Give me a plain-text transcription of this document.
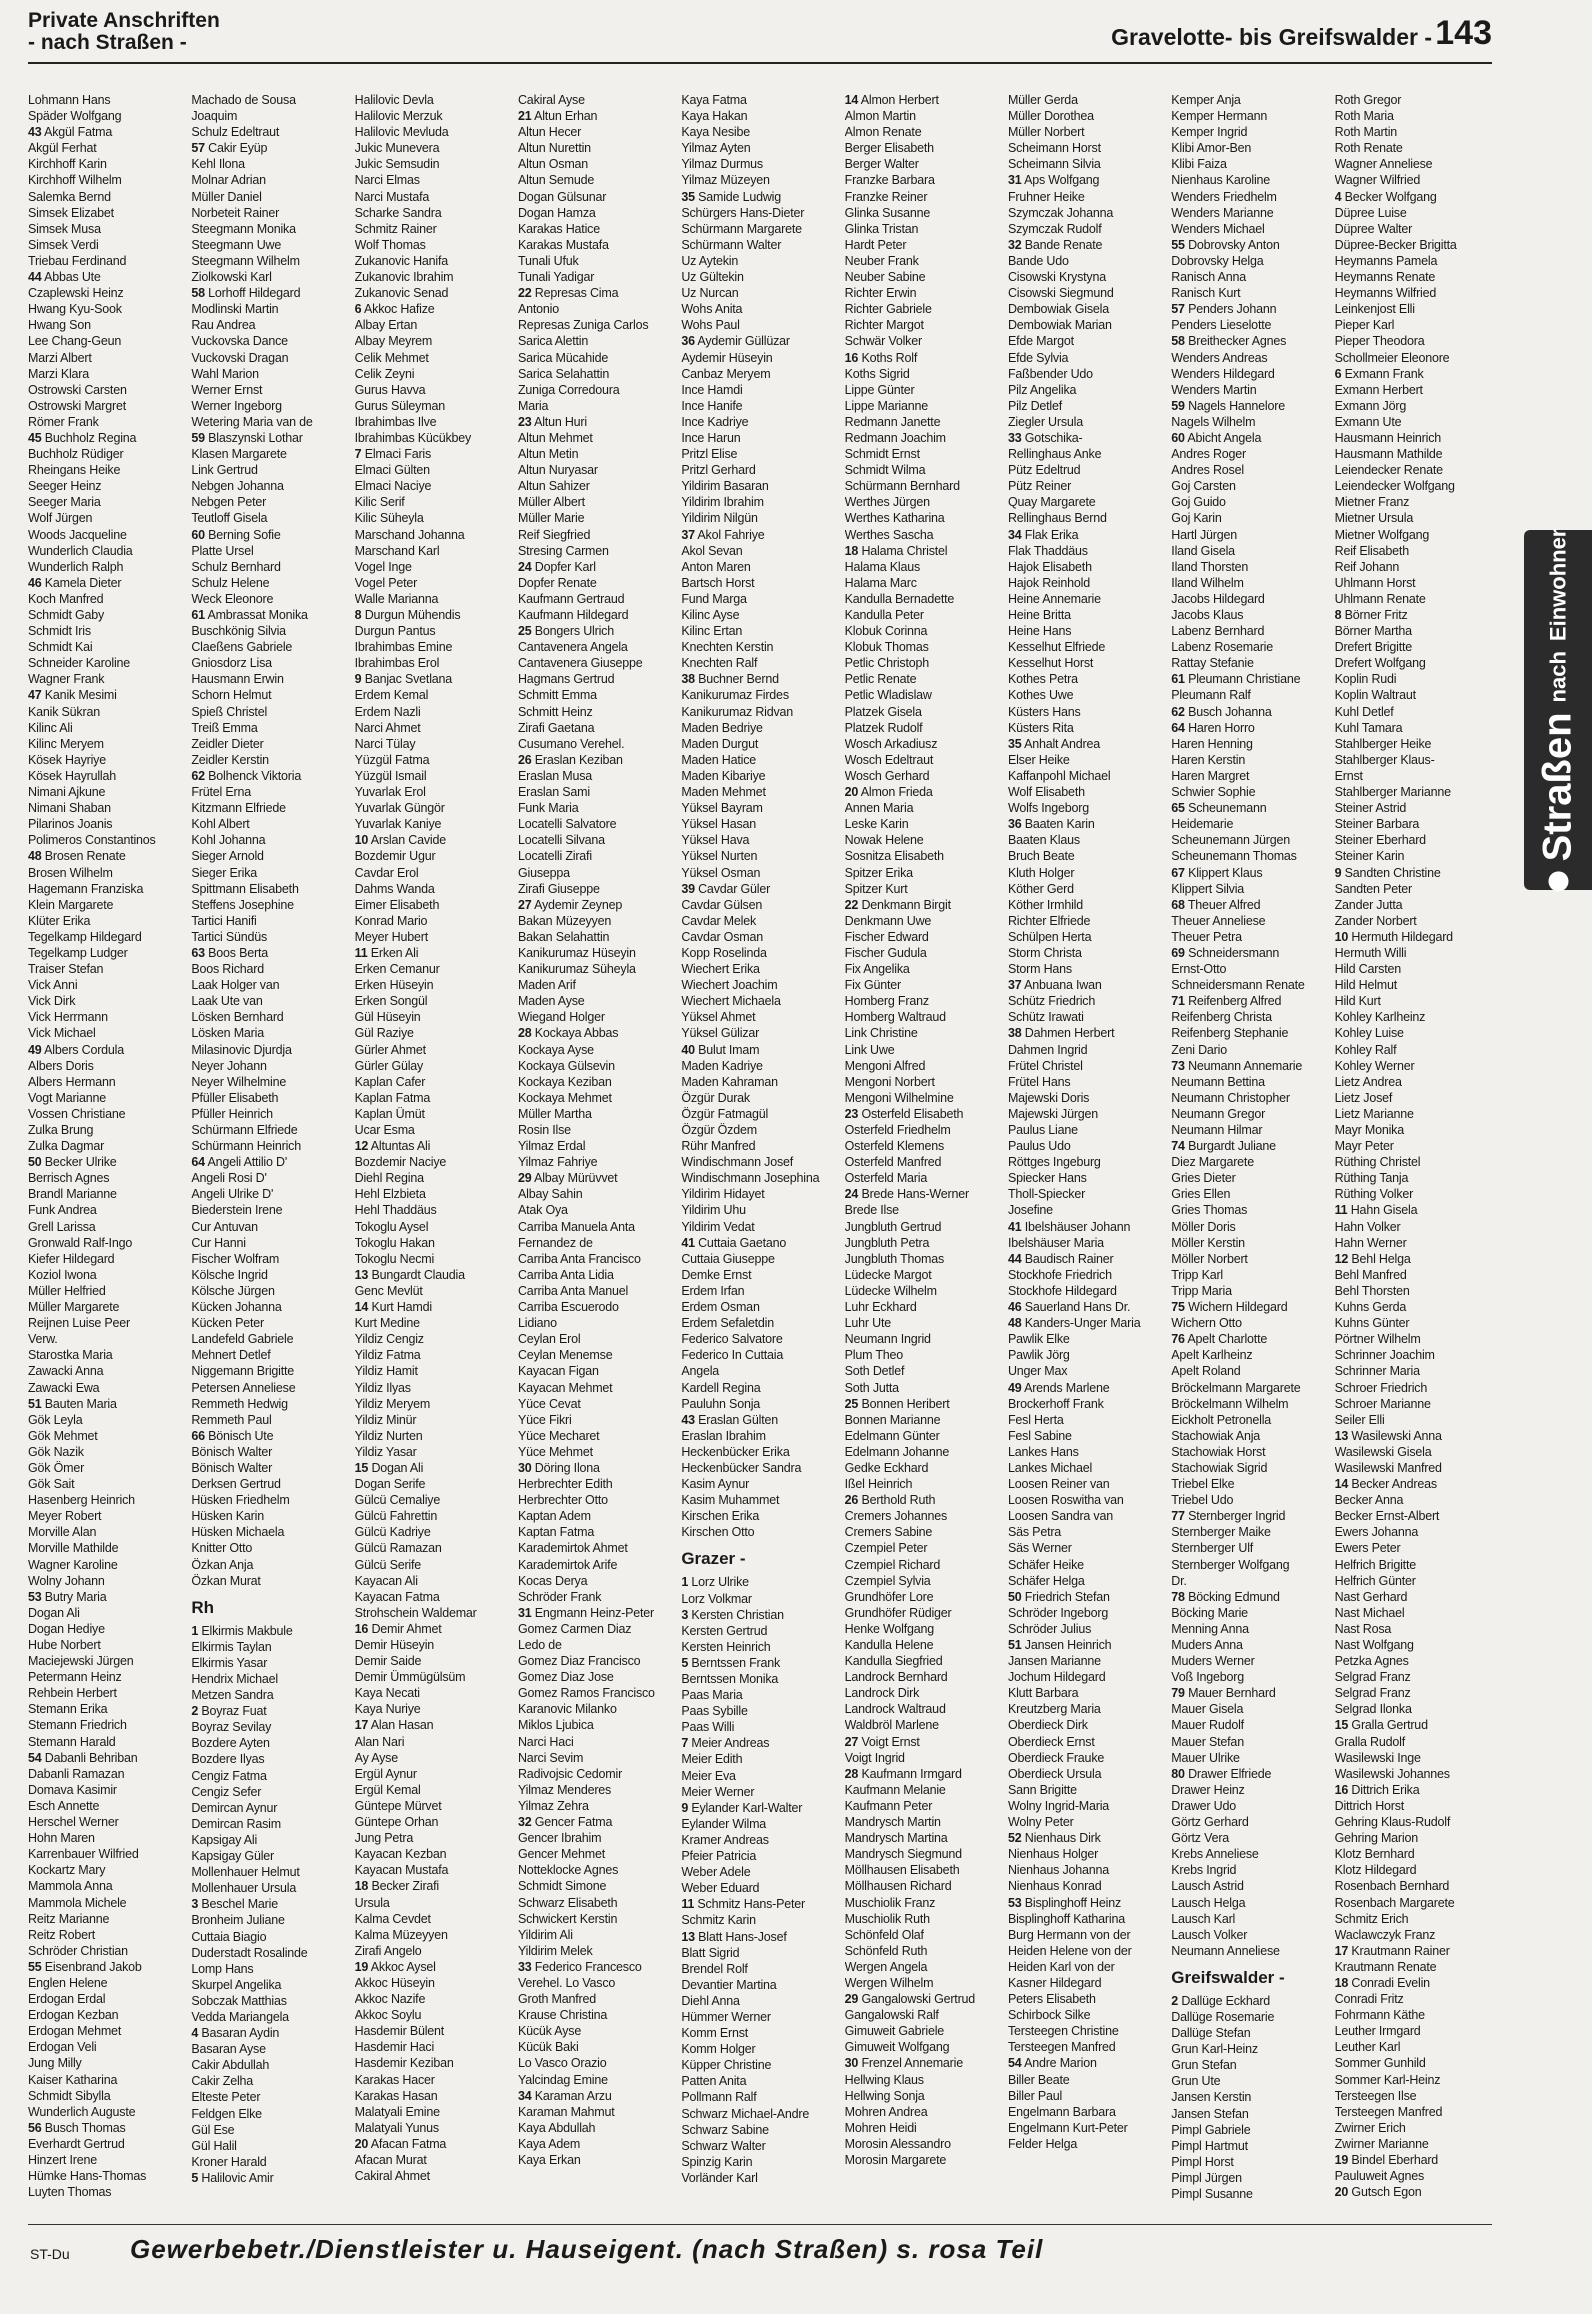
Private Anschriften
- nach Straßen -	Gravelotte- bis Greifswalder - 143
Lohmann Hans
Späder Wolfgang
43 Akgül Fatma
Akgül Ferhat
Kirchhoff Karin
Kirchhoff Wilhelm
Salemka Bernd
Simsek Elizabet
Simsek Musa
Simsek Verdi
Triebau Ferdinand
44 Abbas Ute
Czaplewski Heinz
Hwang Kyu-Sook
Hwang Son
Lee Chang-Geun
Marzi Albert
Marzi Klara
Ostrowski Carsten
Ostrowski Margret
Römer Frank
45 Buchholz Regina
Buchholz Rüdiger
Rheingans Heike
Seeger Heinz
Seeger Maria
Wolf Jürgen
Woods Jacqueline
Wunderlich Claudia
Wunderlich Ralph
46 Kamela Dieter
Koch Manfred
Schmidt Gaby
Schmidt Iris
Schmidt Kai
Schneider Karoline
Wagner Frank
47 Kanik Mesimi
Kanik Sükran
Kilinc Ali
Kilinc Meryem
Kösek Hayriye
Kösek Hayrullah
Nimani Ajkune
Nimani Shaban
Pilarinos Joanis
Polimeros Constantinos
48 Brosen Renate
Brosen Wilhelm
Hagemann Franziska
Klein Margarete
Klüter Erika
Tegelkamp Hildegard
Tegelkamp Ludger
Traiser Stefan
Vick Anni
Vick Dirk
Vick Herrmann
Vick Michael
49 Albers Cordula
Albers Doris
Albers Hermann
Vogt Marianne
Vossen Christiane
Zulka Brung
Zulka Dagmar
50 Becker Ulrike
Berrisch Agnes
Brandl Marianne
Funk Andrea
Grell Larissa
Gronwald Ralf-Ingo
Kiefer Hildegard
Koziol Iwona
Müller Helfried
Müller Margarete
Reijnen Luise Peer
Verw.
Starostka Maria
Zawacki Anna
Zawacki Ewa
51 Bauten Maria
Gök Leyla
Gök Mehmet
Gök Nazik
Gök Ömer
Gök Sait
Hasenberg Heinrich
Meyer Robert
Morville Alan
Morville Mathilde
Wagner Karoline
Wolny Johann
53 Butry Maria
Dogan Ali
Dogan Hediye
Hube Norbert
Maciejewski Jürgen
Petermann Heinz
Rehbein Herbert
Stemann Erika
Stemann Friedrich
Stemann Harald
54 Dabanli Behriban
Dabanli Ramazan
Domava Kasimir
Esch Annette
Herschel Werner
Hohn Maren
Karrenbauer Wilfried
Kockartz Mary
Mammola Anna
Mammola Michele
Reitz Marianne
Reitz Robert
Schröder Christian
55 Eisenbrand Jakob
Englen Helene
Erdogan Erdal
Erdogan Kezban
Erdogan Mehmet
Erdogan Veli
Jung Milly
Kaiser Katharina
Schmidt Sibylla
Wunderlich Auguste
56 Busch Thomas
Everhardt Gertrud
Hinzert Irene
Hümke Hans-Thomas
Luyten Thomas
Machado de Sousa
Joaquim
Schulz Edeltraut
57 Cakir Eyüp
Kehl Ilona
Molnar Adrian
Müller Daniel
Norbeteit Rainer
Steegmann Monika
Steegmann Uwe
Steegmann Wilhelm
Ziolkowski Karl
58 Lorhoff Hildegard
Modlinski Martin
Rau Andrea
Vuckovska Dance
Vuckovski Dragan
Wahl Marion
Werner Ernst
Werner Ingeborg
Wetering Maria van de
59 Blaszynski Lothar
Klasen Margarete
Link Gertrud
Nebgen Johanna
Nebgen Peter
Teutloff Gisela
60 Berning Sofie
Platte Ursel
Schulz Bernhard
Schulz Helene
Weck Eleonore
61 Ambrassat Monika
Buschkönig Silvia
Claeßens Gabriele
Gniosdorz Lisa
Hausmann Erwin
Schorn Helmut
Spieß Christel
Treiß Emma
Zeidler Dieter
Zeidler Kerstin
62 Bolhenck Viktoria
Frütel Erna
Kitzmann Elfriede
Kohl Albert
Kohl Johanna
Sieger Arnold
Sieger Erika
Spittmann Elisabeth
Steffens Josephine
Tartici Hanifi
Tartici Sündüs
63 Boos Berta
Boos Richard
Laak Holger van
Laak Ute van
Lösken Bernhard
Lösken Maria
Milasinovic Djurdja
Neyer Johann
Neyer Wilhelmine
Pfüller Elisabeth
Pfüller Heinrich
Schürmann Elfriede
Schürmann Heinrich
64 Angeli Attilio D'
Angeli Rosi D'
Angeli Ulrike D'
Biederstein Irene
Cur Antuvan
Cur Hanni
Fischer Wolfram
Kölsche Ingrid
Kölsche Jürgen
Kücken Johanna
Kücken Peter
Landefeld Gabriele
Mehnert Detlef
Niggemann Brigitte
Petersen Anneliese
Remmeth Hedwig
Remmeth Paul
66 Bönisch Ute
Bönisch Walter
Bönisch Walter
Derksen Gertrud
Hüsken Friedhelm
Hüsken Karin
Hüsken Michaela
Knitter Otto
Özkan Anja
Özkan Murat
Rh
1 Elkirmis Makbule
Elkirmis Taylan
Elkirmis Yasar
Hendrix Michael
Metzen Sandra
2 Boyraz Fuat
Boyraz Sevilay
Bozdere Ayten
Bozdere Ilyas
Cengiz Fatma
Cengiz Sefer
Demircan Aynur
Demircan Rasim
Kapsigay Ali
Kapsigay Güler
Mollenhauer Helmut
Mollenhauer Ursula
3 Beschel Marie
Bronheim Juliane
Cuttaia Biagio
Duderstadt Rosalinde
Lomp Hans
Skurpel Angelika
Sobczak Matthias
Vedda Mariangela
4 Basaran Aydin
Basaran Ayse
Cakir Abdullah
Cakir Zelha
Elteste Peter
Feldgen Elke
Gül Ese
Gül Halil
Kroner Harald
5 Halilovic Amir
Halilovic Devla
Halilovic Merzuk
Halilovic Mevluda
Jukic Munevera
Jukic Semsudin
Narci Elmas
Narci Mustafa
Scharke Sandra
Schmitz Rainer
Wolf Thomas
Zukanovic Hanifa
Zukanovic Ibrahim
Zukanovic Senad
6 Akkoc Hafize
Albay Ertan
Albay Meyrem
Celik Mehmet
Celik Zeyni
Gurus Havva
Gurus Süleyman
Ibrahimbas Ilve
Ibrahimbas Kücükbey
7 Elmaci Faris
Elmaci Gülten
Elmaci Naciye
Kilic Serif
Kilic Süheyla
Marschand Johanna
Marschand Karl
Vogel Inge
Vogel Peter
Walle Marianna
8 Durgun Mühendis
Durgun Pantus
Ibrahimbas Emine
Ibrahimbas Erol
9 Banjac Svetlana
Erdem Kemal
Erdem Nazli
Narci Ahmet
Narci Tülay
Yüzgül Fatma
Yüzgül Ismail
Yuvarlak Erol
Yuvarlak Güngör
Yuvarlak Kaniye
10 Arslan Cavide
Bozdemir Ugur
Cavdar Erol
Dahms Wanda
Eimer Elisabeth
Konrad Mario
Meyer Hubert
11 Erken Ali
Erken Cemanur
Erken Hüseyin
Erken Songül
Gül Hüseyin
Gül Raziye
Gürler Ahmet
Gürler Gülay
Kaplan Cafer
Kaplan Fatma
Kaplan Ümüt
Ucar Esma
12 Altuntas Ali
Bozdemir Naciye
Diehl Regina
Hehl Elzbieta
Hehl Thaddäus
Tokoglu Aysel
Tokoglu Hakan
Tokoglu Necmi
13 Bungardt Claudia
Genc Mevlüt
14 Kurt Hamdi
Kurt Medine
Yildiz Cengiz
Yildiz Fatma
Yildiz Hamit
Yildiz Ilyas
Yildiz Meryem
Yildiz Minür
Yildiz Nurten
Yildiz Yasar
15 Dogan Ali
Dogan Serife
Gülcü Cemaliye
Gülcü Fahrettin
Gülcü Kadriye
Gülcü Ramazan
Gülcü Serife
Kayacan Ali
Kayacan Fatma
Strohschein Waldemar
16 Demir Ahmet
Demir Hüseyin
Demir Saide
Demir Ümmügülsüm
Kaya Necati
Kaya Nuriye
17 Alan Hasan
Alan Nari
Ay Ayse
Ergül Aynur
Ergül Kemal
Güntepe Mürvet
Güntepe Orhan
Jung Petra
Kayacan Kezban
Kayacan Mustafa
18 Becker Zirafi
Ursula
Kalma Cevdet
Kalma Müzeyyen
Zirafi Angelo
19 Akkoc Aysel
Akkoc Hüseyin
Akkoc Nazife
Akkoc Soylu
Hasdemir Bülent
Hasdemir Haci
Hasdemir Keziban
Karakas Hacer
Karakas Hasan
Malatyali Emine
Malatyali Yunus
20 Afacan Fatma
Afacan Murat
Cakiral Ahmet
Cakiral Ayse
21 Altun Erhan
Altun Hecer
Altun Nurettin
Altun Osman
Altun Semude
Dogan Gülsunar
Dogan Hamza
Karakas Hatice
Karakas Mustafa
Tunali Ufuk
Tunali Yadigar
22 Represas Cima
Antonio
Represas Zuniga Carlos
Sarica Alettin
Sarica Mücahide
Sarica Selahattin
Zuniga Corredoura
Maria
23 Altun Huri
Altun Mehmet
Altun Metin
Altun Nuryasar
Altun Sahizer
Müller Albert
Müller Marie
Reif Siegfried
Stresing Carmen
24 Dopfer Karl
Dopfer Renate
Kaufmann Gertraud
Kaufmann Hildegard
25 Bongers Ulrich
Cantavenera Angela
Cantavenera Giuseppe
Hagmans Gertrud
Schmitt Emma
Schmitt Heinz
Zirafi Gaetana
Cusumano Verehel.
26 Eraslan Keziban
Eraslan Musa
Eraslan Sami
Funk Maria
Locatelli Salvatore
Locatelli Silvana
Locatelli Zirafi
Giuseppa
Zirafi Giuseppe
27 Aydemir Zeynep
Bakan Müzeyyen
Bakan Selahattin
Kanikurumaz Hüseyin
Kanikurumaz Süheyla
Maden Arif
Maden Ayse
Wiegand Holger
28 Kockaya Abbas
Kockaya Ayse
Kockaya Gülsevin
Kockaya Keziban
Kockaya Mehmet
Müller Martha
Rosin Ilse
Yilmaz Erdal
Yilmaz Fahriye
29 Albay Mürüvvet
Albay Sahin
Atak Oya
Carriba Manuela Anta
Fernandez de
Carriba Anta Francisco
Carriba Anta Lidia
Carriba Anta Manuel
Carriba Escuerodo
Lidiano
Ceylan Erol
Ceylan Menemse
Kayacan Figan
Kayacan Mehmet
Yüce Cevat
Yüce Fikri
Yüce Mecharet
Yüce Mehmet
30 Döring Ilona
Herbrechter Edith
Herbrechter Otto
Kaptan Adem
Kaptan Fatma
Karademirtok Ahmet
Karademirtok Arife
Kocas Derya
Schröder Frank
31 Engmann Heinz-Peter
Gomez Carmen Diaz
Ledo de
Gomez Diaz Francisco
Gomez Diaz Jose
Gomez Ramos Francisco
Karanovic Milanko
Miklos Ljubica
Narci Haci
Narci Sevim
Radivojsic Cedomir
Yilmaz Menderes
Yilmaz Zehra
32 Gencer Fatma
Gencer Ibrahim
Gencer Mehmet
Notteklocke Agnes
Schmidt Simone
Schwarz Elisabeth
Schwickert Kerstin
Yildirim Ali
Yildirim Melek
33 Federico Francesco
Verehel. Lo Vasco
Groth Manfred
Krause Christina
Kücük Ayse
Kücük Baki
Lo Vasco Orazio
Yalcindag Emine
34 Karaman Arzu
Karaman Mahmut
Kaya Abdullah
Kaya Adem
Kaya Erkan
Kaya Fatma
Kaya Hakan
Kaya Nesibe
Yilmaz Ayten
Yilmaz Durmus
Yilmaz Müzeyen
35 Samide Ludwig
Schürgers Hans-Dieter
Schürmann Margarete
Schürmann Walter
Uz Aytekin
Uz Gültekin
Uz Nurcan
Wohs Anita
Wohs Paul
36 Aydemir Güllüzar
Aydemir Hüseyin
Canbaz Meryem
Ince Hamdi
Ince Hanife
Ince Kadriye
Ince Harun
Pritzl Elise
Pritzl Gerhard
Yildirim Basaran
Yildirim Ibrahim
Yildirim Nilgün
37 Akol Fahriye
Akol Sevan
Anton Maren
Bartsch Horst
Fund Marga
Kilinc Ayse
Kilinc Ertan
Knechten Kerstin
Knechten Ralf
38 Buchner Bernd
Kanikurumaz Firdes
Kanikurumaz Ridvan
Maden Bedriye
Maden Durgut
Maden Hatice
Maden Kibariye
Maden Mehmet
Yüksel Bayram
Yüksel Hasan
Yüksel Hava
Yüksel Nurten
Yüksel Osman
39 Cavdar Güler
Cavdar Gülsen
Cavdar Melek
Cavdar Osman
Kopp Roselinda
Wiechert Erika
Wiechert Joachim
Wiechert Michaela
Yüksel Ahmet
Yüksel Gülizar
40 Bulut Imam
Maden Kadriye
Maden Kahraman
Özgür Durak
Özgür Fatmagül
Özgür Özdem
Rühr Manfred
Windischmann Josef
Windischmann Josephina
Yildirim Hidayet
Yildirim Uhu
Yildirim Vedat
41 Cuttaia Gaetano
Cuttaia Giuseppe
Demke Ernst
Erdem Irfan
Erdem Osman
Erdem Sefaletdin
Federico Salvatore
Federico In Cuttaia
Angela
Kardell Regina
Pauluhn Sonja
43 Eraslan Gülten
Eraslan Ibrahim
Heckenbücker Erika
Heckenbücker Sandra
Kasim Aynur
Kasim Muhammet
Kirschen Erika
Kirschen Otto
Grazer -
1 Lorz Ulrike
Lorz Volkmar
3 Kersten Christian
Kersten Gertrud
Kersten Heinrich
5 Berntssen Frank
Berntssen Monika
Paas Maria
Paas Sybille
Paas Willi
7 Meier Andreas
Meier Edith
Meier Eva
Meier Werner
9 Eylander Karl-Walter
Eylander Wilma
Kramer Andreas
Pfeier Patricia
Weber Adele
Weber Eduard
11 Schmitz Hans-Peter
Schmitz Karin
13 Blatt Hans-Josef
Blatt Sigrid
Brendel Rolf
Devantier Martina
Diehl Anna
Hümmer Werner
Komm Ernst
Komm Holger
Küpper Christine
Patten Anita
Pollmann Ralf
Schwarz Michael-Andre
Schwarz Sabine
Schwarz Walter
Spinzig Karin
Vorländer Karl
14 Almon Herbert
Almon Martin
Almon Renate
Berger Elisabeth
Berger Walter
Franzke Barbara
Franzke Reiner
Glinka Susanne
Glinka Tristan
Hardt Peter
Neuber Frank
Neuber Sabine
Richter Erwin
Richter Gabriele
Richter Margot
Schwär Volker
16 Koths Rolf
Koths Sigrid
Lippe Günter
Lippe Marianne
Redmann Janette
Redmann Joachim
Schmidt Ernst
Schmidt Wilma
Schürmann Bernhard
Werthes Jürgen
Werthes Katharina
Werthes Sascha
18 Halama Christel
Halama Klaus
Halama Marc
Kandulla Bernadette
Kandulla Peter
Klobuk Corinna
Klobuk Thomas
Petlic Christoph
Petlic Renate
Petlic Wladislaw
Platzek Gisela
Platzek Rudolf
Wosch Arkadiusz
Wosch Edeltraut
Wosch Gerhard
20 Almon Frieda
Annen Maria
Leske Karin
Nowak Helene
Sosnitza Elisabeth
Spitzer Erika
Spitzer Kurt
22 Denkmann Birgit
Denkmann Uwe
Fischer Edward
Fischer Gudula
Fix Angelika
Fix Günter
Homberg Franz
Homberg Waltraud
Link Christine
Link Uwe
Mengoni Alfred
Mengoni Norbert
Mengoni Wilhelmine
23 Osterfeld Elisabeth
Osterfeld Friedhelm
Osterfeld Klemens
Osterfeld Manfred
Osterfeld Maria
24 Brede Hans-Werner
Brede Ilse
Jungbluth Gertrud
Jungbluth Petra
Jungbluth Thomas
Lüdecke Margot
Lüdecke Wilhelm
Luhr Eckhard
Luhr Ute
Neumann Ingrid
Plum Theo
Soth Detlef
Soth Jutta
25 Bonnen Heribert
Bonnen Marianne
Edelmann Günter
Edelmann Johanne
Gedke Eckhard
Ißel Heinrich
26 Berthold Ruth
Cremers Johannes
Cremers Sabine
Czempiel Peter
Czempiel Richard
Czempiel Sylvia
Grundhöfer Lore
Grundhöfer Rüdiger
Henke Wolfgang
Kandulla Helene
Kandulla Siegfried
Landrock Bernhard
Landrock Dirk
Landrock Waltraud
Waldbröl Marlene
27 Voigt Ernst
Voigt Ingrid
28 Kaufmann Irmgard
Kaufmann Melanie
Kaufmann Peter
Mandrysch Martin
Mandrysch Martina
Mandrysch Siegmund
Möllhausen Elisabeth
Möllhausen Richard
Muschiolik Franz
Muschiolik Ruth
Schönfeld Olaf
Schönfeld Ruth
Wergen Angela
Wergen Wilhelm
29 Gangalowski Gertrud
Gangalowski Ralf
Gimuweit Gabriele
Gimuweit Wolfgang
30 Frenzel Annemarie
Hellwing Klaus
Hellwing Sonja
Mohren Andrea
Mohren Heidi
Morosin Alessandro
Morosin Margarete
Müller Gerda
Müller Dorothea
Müller Norbert
Scheimann Horst
Scheimann Silvia
31 Aps Wolfgang
Fruhner Heike
Szymczak Johanna
Szymczak Rudolf
32 Bande Renate
Bande Udo
Cisowski Krystyna
Cisowski Siegmund
Dembowiak Gisela
Dembowiak Marian
Efde Margot
Efde Sylvia
Faßbender Udo
Pilz Angelika
Pilz Detlef
Ziegler Ursula
33 Gotschika-
Rellinghaus Anke
Pütz Edeltrud
Pütz Reiner
Quay Margarete
Rellinghaus Bernd
34 Flak Erika
Flak Thaddäus
Hajok Elisabeth
Hajok Reinhold
Heine Annemarie
Heine Britta
Heine Hans
Kesselhut Elfriede
Kesselhut Horst
Kothes Petra
Kothes Uwe
Küsters Hans
Küsters Rita
35 Anhalt Andrea
Elser Heike
Kaffanpohl Michael
Wolf Elisabeth
Wolfs Ingeborg
36 Baaten Karin
Baaten Klaus
Bruch Beate
Kluth Holger
Köther Gerd
Köther Irmhild
Richter Elfriede
Schülpen Herta
Storm Christa
Storm Hans
37 Anbuana Iwan
Schütz Friedrich
Schütz Irawati
38 Dahmen Herbert
Dahmen Ingrid
Frütel Christel
Frütel Hans
Majewski Doris
Majewski Jürgen
Paulus Liane
Paulus Udo
Röttges Ingeburg
Spiecker Hans
Tholl-Spiecker
Josefine
41 Ibelshäuser Johann
Ibelshäuser Maria
44 Baudisch Rainer
Stockhofe Friedrich
Stockhofe Hildegard
46 Sauerland Hans Dr.
48 Kanders-Unger Maria
Pawlik Elke
Pawlik Jörg
Unger Max
49 Arends Marlene
Brockerhoff Frank
Fesl Herta
Fesl Sabine
Lankes Hans
Lankes Michael
Loosen Reiner van
Loosen Roswitha van
Loosen Sandra van
Säs Petra
Säs Werner
Schäfer Heike
Schäfer Helga
50 Friedrich Stefan
Schröder Ingeborg
Schröder Julius
51 Jansen Heinrich
Jansen Marianne
Jochum Hildegard
Klutt Barbara
Kreutzberg Maria
Oberdieck Dirk
Oberdieck Ernst
Oberdieck Frauke
Oberdieck Ursula
Sann Brigitte
Wolny Ingrid-Maria
Wolny Peter
52 Nienhaus Dirk
Nienhaus Holger
Nienhaus Johanna
Nienhaus Konrad
53 Bisplinghoff Heinz
Bisplinghoff Katharina
Burg Hermann von der
Heiden Helene von der
Heiden Karl von der
Kasner Hildegard
Peters Elisabeth
Schirbock Silke
Tersteegen Christine
Tersteegen Manfred
54 Andre Marion
Biller Beate
Biller Paul
Engelmann Barbara
Engelmann Kurt-Peter
Felder Helga
Kemper Anja
Kemper Hermann
Kemper Ingrid
Klibi Amor-Ben
Klibi Faiza
Nienhaus Karoline
Wenders Friedhelm
Wenders Marianne
Wenders Michael
55 Dobrovsky Anton
Dobrovsky Helga
Ranisch Anna
Ranisch Kurt
57 Penders Johann
Penders Lieselotte
58 Breithecker Agnes
Wenders Andreas
Wenders Hildegard
Wenders Martin
59 Nagels Hannelore
Nagels Wilhelm
60 Abicht Angela
Andres Roger
Andres Rosel
Goj Carsten
Goj Guido
Goj Karin
Hartl Jürgen
Iland Gisela
Iland Thorsten
Iland Wilhelm
Jacobs Hildegard
Jacobs Klaus
Labenz Bernhard
Labenz Rosemarie
Rattay Stefanie
61 Pleumann Christiane
Pleumann Ralf
62 Busch Johanna
64 Haren Horro
Haren Henning
Haren Kerstin
Haren Margret
Schwier Sophie
65 Scheunemann
Heidemarie
Scheunemann Jürgen
Scheunemann Thomas
67 Klippert Klaus
Klippert Silvia
68 Theuer Alfred
Theuer Anneliese
Theuer Petra
69 Schneidersmann
Ernst-Otto
Schneidersmann Renate
71 Reifenberg Alfred
Reifenberg Christa
Reifenberg Stephanie
Zeni Dario
73 Neumann Annemarie
Neumann Bettina
Neumann Christopher
Neumann Gregor
Neumann Hilmar
74 Burgardt Juliane
Diez Margarete
Gries Dieter
Gries Ellen
Gries Thomas
Möller Doris
Möller Kerstin
Möller Norbert
Tripp Karl
Tripp Maria
75 Wichern Hildegard
Wichern Otto
76 Apelt Charlotte
Apelt Karlheinz
Apelt Roland
Bröckelmann Margarete
Bröckelmann Wilhelm
Eickholt Petronella
Stachowiak Anja
Stachowiak Horst
Stachowiak Sigrid
Triebel Elke
Triebel Udo
77 Sternberger Ingrid
Sternberger Maike
Sternberger Ulf
Sternberger Wolfgang
Dr.
78 Böcking Edmund
Böcking Marie
Menning Anna
Muders Anna
Muders Werner
Voß Ingeborg
79 Mauer Bernhard
Mauer Gisela
Mauer Rudolf
Mauer Stefan
Mauer Ulrike
80 Drawer Elfriede
Drawer Heinz
Drawer Udo
Görtz Gerhard
Görtz Vera
Krebs Anneliese
Krebs Ingrid
Lausch Astrid
Lausch Helga
Lausch Karl
Lausch Volker
Neumann Anneliese
Greifswalder -
2 Dallüge Eckhard
Dallüge Rosemarie
Dallüge Stefan
Grun Karl-Heinz
Grun Stefan
Grun Ute
Jansen Kerstin
Jansen Stefan
Pimpl Gabriele
Pimpl Hartmut
Pimpl Horst
Pimpl Jürgen
Pimpl Susanne
Roth Gregor
Roth Maria
Roth Martin
Roth Renate
Wagner Anneliese
Wagner Wilfried
4 Becker Wolfgang
Düpree Luise
Düpree Walter
Düpree-Becker Brigitta
Heymanns Pamela
Heymanns Renate
Heymanns Wilfried
Leinkenjost Elli
Pieper Karl
Pieper Theodora
Schollmeier Eleonore
6 Exmann Frank
Exmann Herbert
Exmann Jörg
Exmann Ute
Hausmann Heinrich
Hausmann Mathilde
Leiendecker Renate
Leiendecker Wolfgang
Mietner Franz
Mietner Ursula
Mietner Wolfgang
Reif Elisabeth
Reif Johann
Uhlmann Horst
Uhlmann Renate
8 Börner Fritz
Börner Martha
Drefert Brigitte
Drefert Wolfgang
Koplin Rudi
Koplin Waltraut
Kuhl Detlef
Kuhl Tamara
Stahlberger Heike
Stahlberger Klaus-
Ernst
Stahlberger Marianne
Steiner Astrid
Steiner Barbara
Steiner Eberhard
Steiner Karin
9 Sandten Christine
Sandten Peter
Zander Jutta
Zander Norbert
10 Hermuth Hildegard
Hermuth Willi
Hild Carsten
Hild Helmut
Hild Kurt
Kohley Karlheinz
Kohley Luise
Kohley Ralf
Kohley Werner
Lietz Andrea
Lietz Josef
Lietz Marianne
Mayr Monika
Mayr Peter
Rüthing Christel
Rüthing Tanja
Rüthing Volker
11 Hahn Gisela
Hahn Volker
Hahn Werner
12 Behl Helga
Behl Manfred
Behl Thorsten
Kuhns Gerda
Kuhns Günter
Pörtner Wilhelm
Schrinner Joachim
Schrinner Maria
Schroer Friedrich
Schroer Marianne
Seiler Elli
13 Wasilewski Anna
Wasilewski Gisela
Wasilewski Manfred
14 Becker Andreas
Becker Anna
Becker Ernst-Albert
Ewers Johanna
Ewers Peter
Helfrich Brigitte
Helfrich Günter
Nast Gerhard
Nast Michael
Nast Rosa
Nast Wolfgang
Petzka Agnes
Selgrad Franz
Selgrad Franz
Selgrad Ilonka
15 Gralla Gertrud
Gralla Rudolf
Wasilewski Inge
Wasilewski Johannes
16 Dittrich Erika
Dittrich Horst
Gehring Klaus-Rudolf
Gehring Marion
Klotz Bernhard
Klotz Hildegard
Rosenbach Bernhard
Rosenbach Margarete
Schmitz Erich
Waclawczyk Franz
17 Krautmann Rainer
Krautmann Renate
18 Conradi Evelin
Conradi Fritz
Fohrmann Käthe
Leuther Irmgard
Leuther Karl
Sommer Gunhild
Sommer Karl-Heinz
Tersteegen Ilse
Tersteegen Manfred
Zwirner Erich
Zwirner Marianne
19 Bindel Eberhard
Pauluweit Agnes
20 Gutsch Egon
Straßen
nach
Einwohner
ST-Du Gewerbebetr./Dienstleister u. Hauseigent. (nach Straßen) s. rosa Teil
